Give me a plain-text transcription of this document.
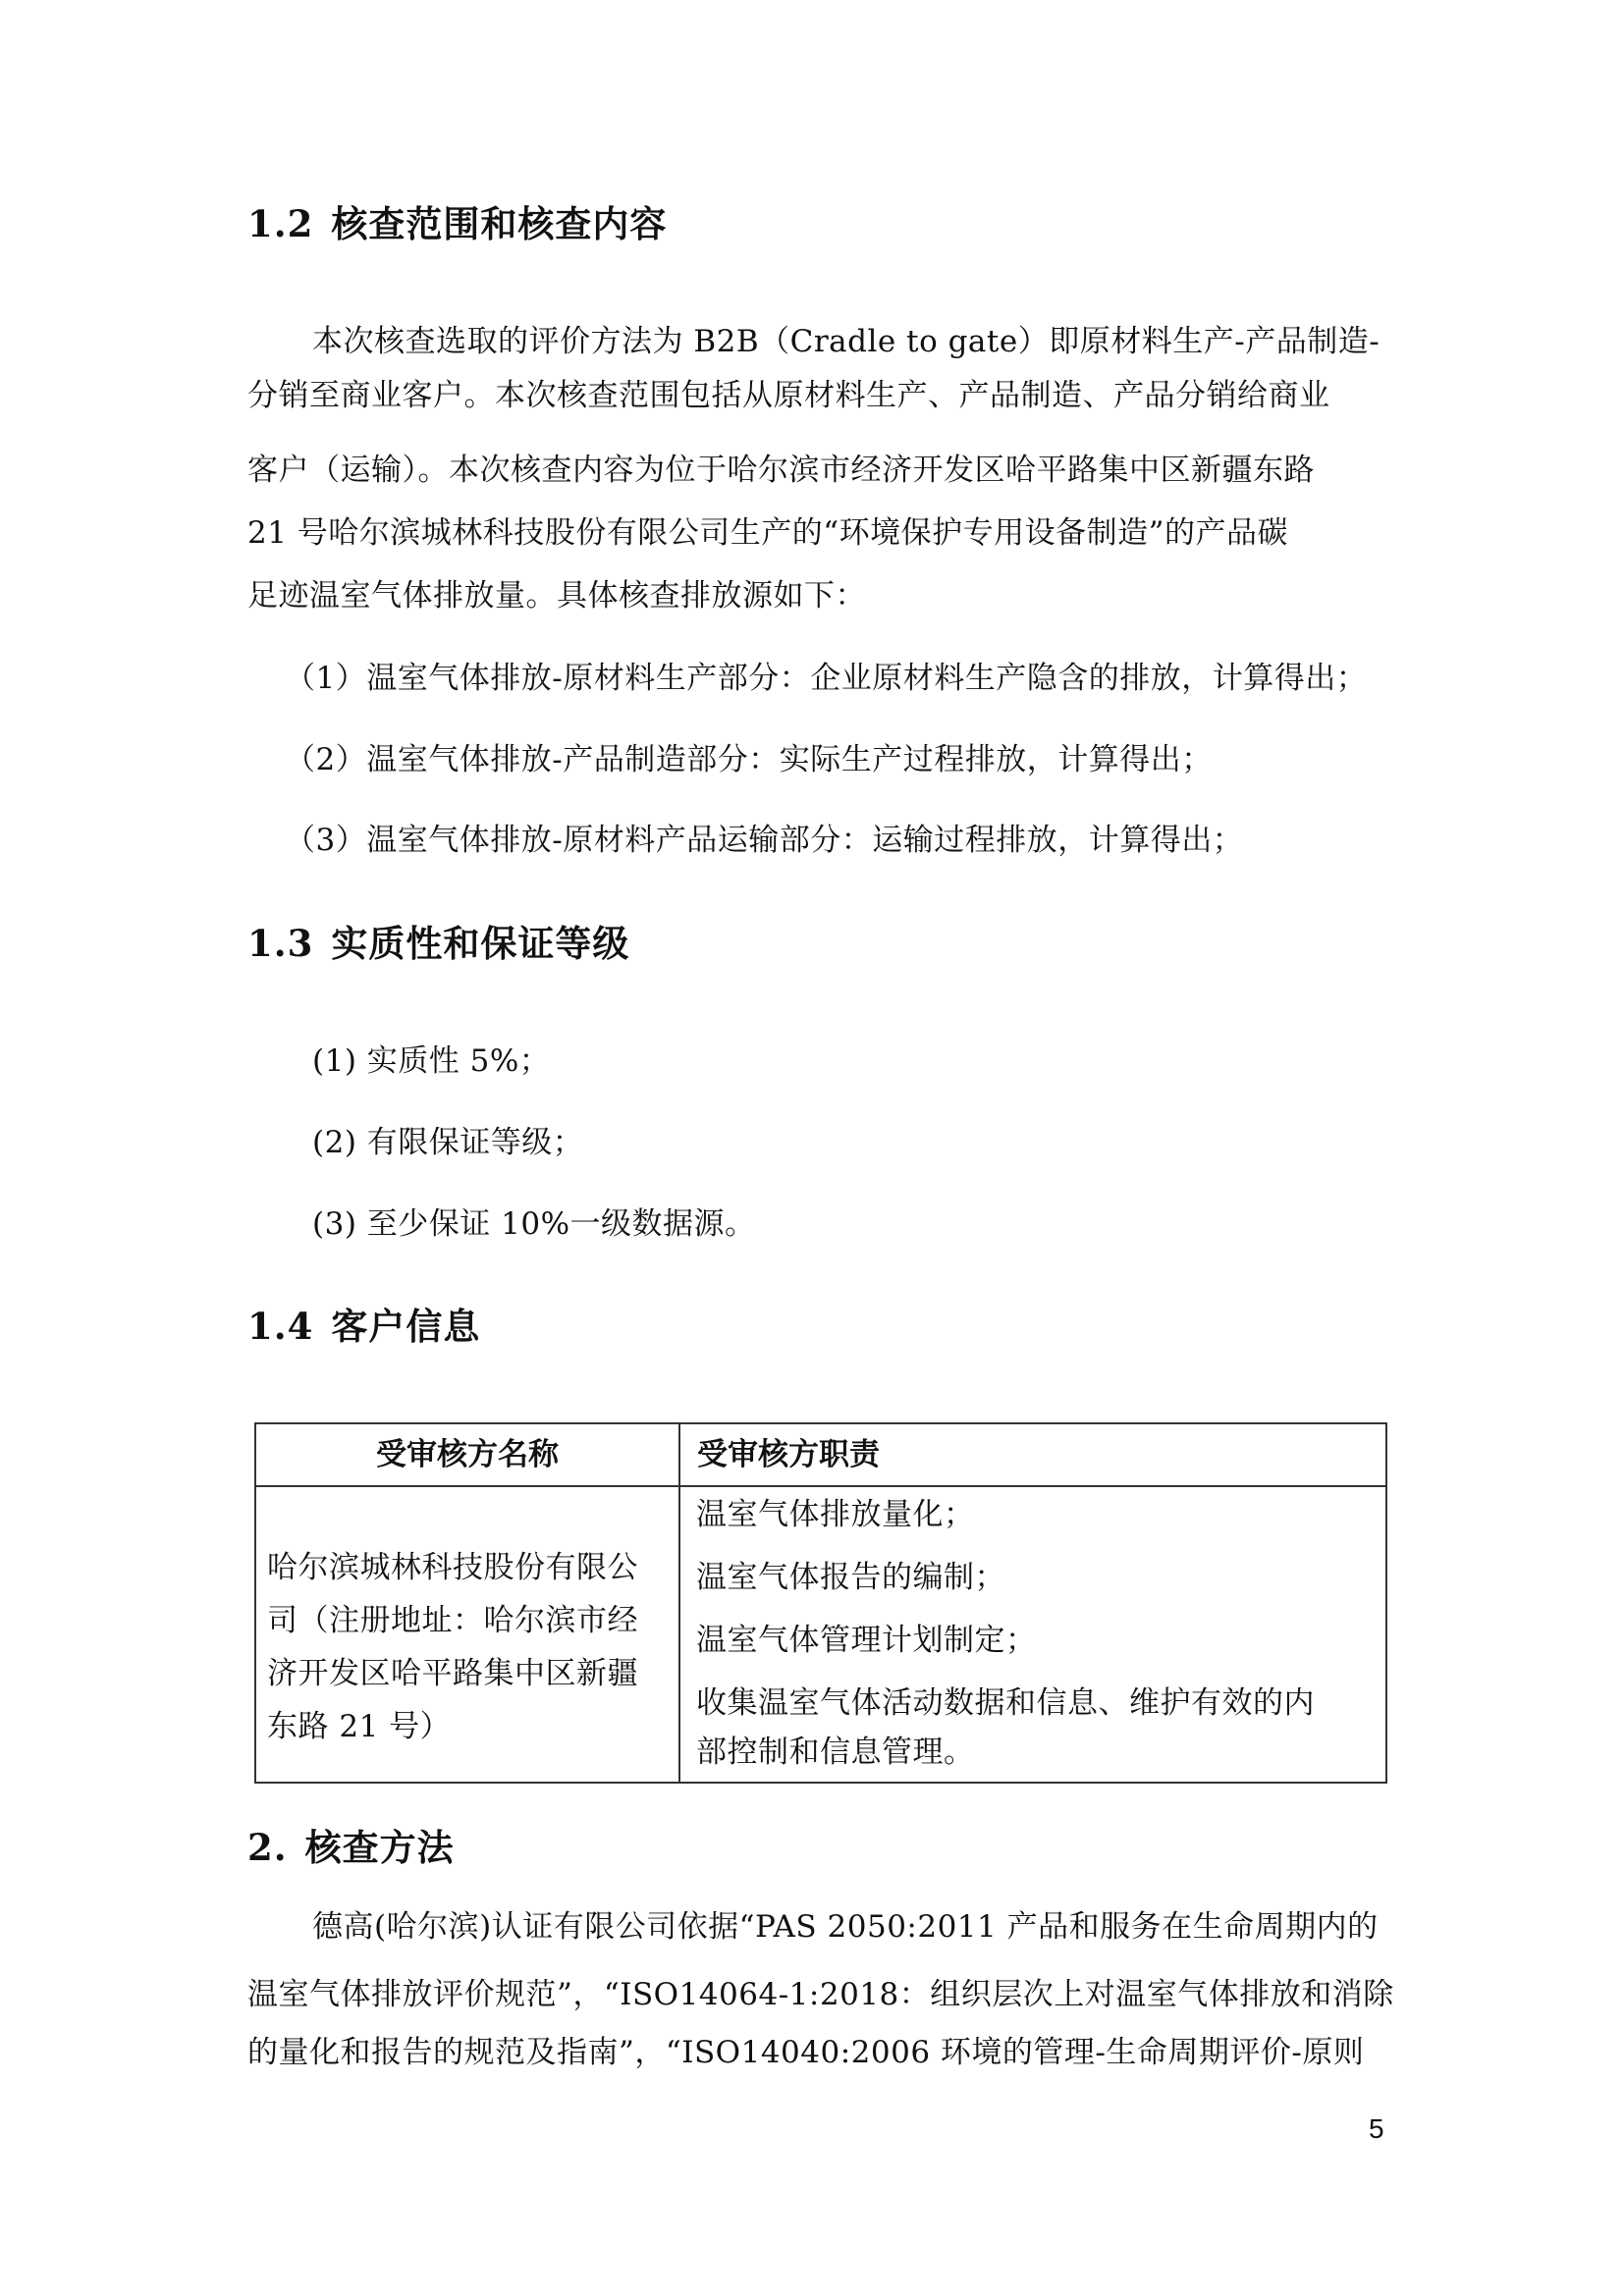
1.2 核查范围和核查内容

本次核查选取的评价方法为 B2B（Cradle to gate）即原材料生产-产品制造-

分销至商业客户。本次核查范围包括从原材料生产、产品制造、产品分销给商业

客户（运输）。本次核查内容为位于哈尔滨市经济开发区哈平路集中区新疆东路

21 号哈尔滨城林科技股份有限公司生产的“环境保护专用设备制造”的产品碳

足迹温室气体排放量。具体核查排放源如下：

（1）温室气体排放-原材料生产部分：企业原材料生产隐含的排放，计算得出；

（2）温室气体排放-产品制造部分：实际生产过程排放，计算得出；

（3）温室气体排放-原材料产品运输部分：运输过程排放，计算得出；

1.3 实质性和保证等级

(1) 实质性 5%；

(2) 有限保证等级；

(3) 至少保证 10%一级数据源。

1.4 客户信息
受审核方名称	受审核方职责

哈尔滨城林科技股份有限公
司（注册地址：哈尔滨市经
济开发区哈平路集中区新疆
东路 21 号）	温室气体排放量化；
温室气体报告的编制；
温室气体管理计划制定；
收集温室气体活动数据和信息、维护有效的内
部控制和信息管理。
2. 核查方法

德高(哈尔滨)认证有限公司依据“PAS 2050:2011 产品和服务在生命周期内的

温室气体排放评价规范”，“ISO14064-1:2018：组织层次上对温室气体排放和消除

的量化和报告的规范及指南”，“ISO14040:2006 环境的管理-生命周期评价-原则

5
